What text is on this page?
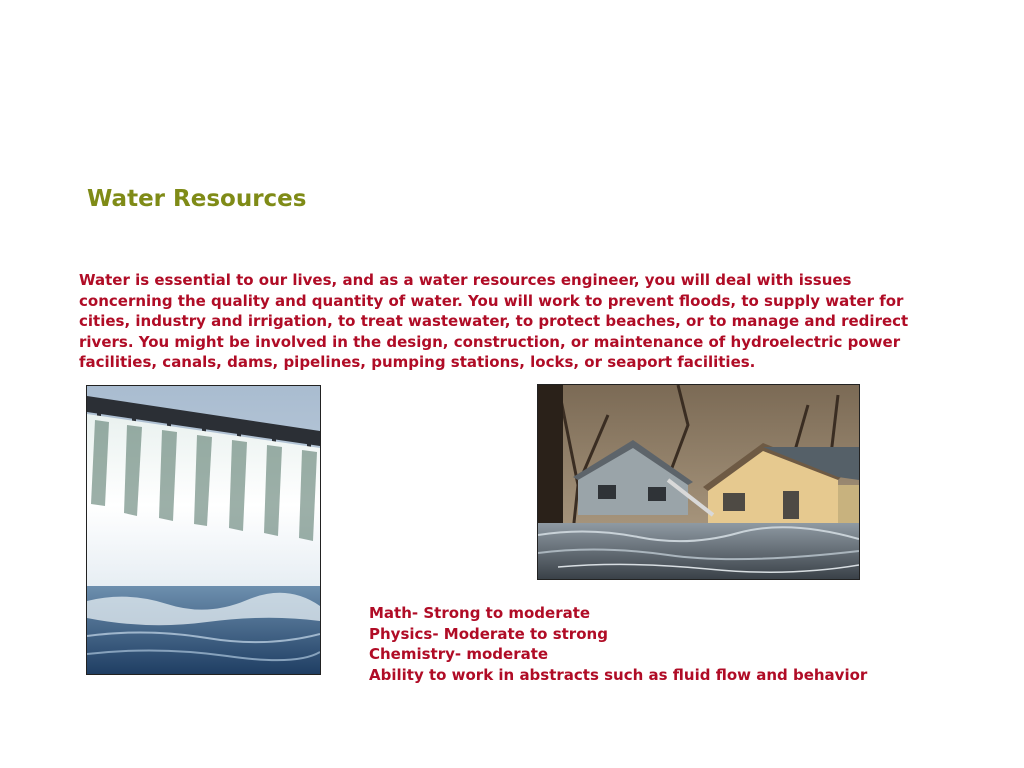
Water Resources

Water is essential to our lives, and as a water resources engineer, you will deal with issues concerning the quality and quantity of water. You will work to prevent floods, to supply water for cities, industry and irrigation, to treat wastewater, to protect beaches, or to manage and redirect rivers. You might be involved in the design, construction, or maintenance of hydroelectric power facilities, canals, dams, pipelines, pumping stations, locks, or seaport facilities.

Math- Strong to moderate
Physics- Moderate to strong
Chemistry- moderate
Ability to work in abstracts such as fluid flow and behavior
